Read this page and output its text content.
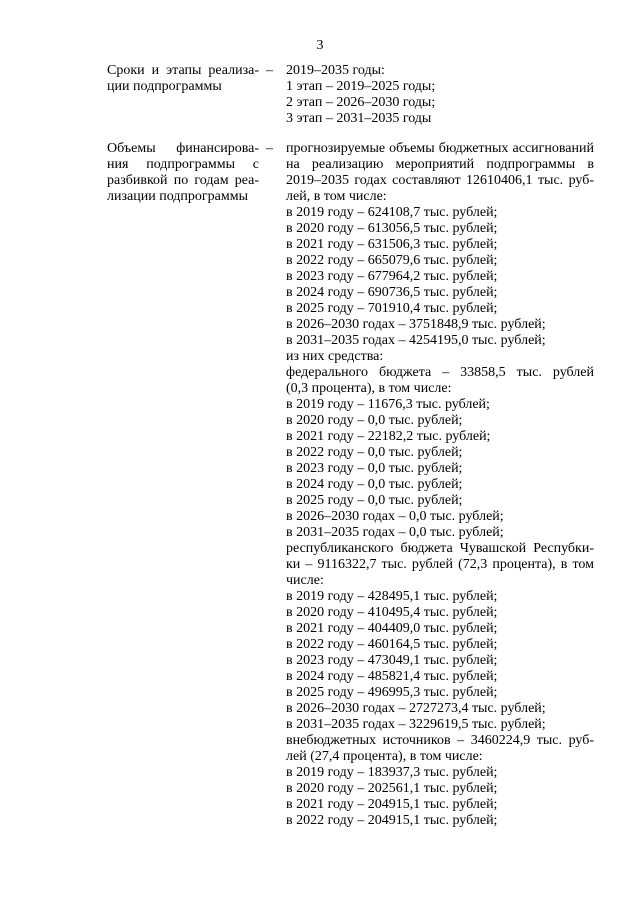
3
Сроки и этапы реализа-
ции подпрограммы
– 2019–2035 годы:
1 этап – 2019–2025 годы;
2 этап – 2026–2030 годы;
3 этап – 2031–2035 годы
Объемы финансирова-
ния подпрограммы с
разбивкой по годам реа-
лизации подпрограммы
– прогнозируемые объемы бюджетных ассигнований
на реализацию мероприятий подпрограммы в
2019–2035 годах составляют 12610406,1 тыс. руб-
лей, в том числе:
в 2019 году – 624108,7 тыс. рублей;
в 2020 году – 613056,5 тыс. рублей;
в 2021 году – 631506,3 тыс. рублей;
в 2022 году – 665079,6 тыс. рублей;
в 2023 году – 677964,2 тыс. рублей;
в 2024 году – 690736,5 тыс. рублей;
в 2025 году – 701910,4 тыс. рублей;
в 2026–2030 годах – 3751848,9 тыс. рублей;
в 2031–2035 годах – 4254195,0 тыс. рублей;
из них средства:
федерального бюджета – 33858,5 тыс. рублей
(0,3 процента), в том числе:
в 2019 году – 11676,3 тыс. рублей;
в 2020 году – 0,0 тыс. рублей;
в 2021 году – 22182,2 тыс. рублей;
в 2022 году – 0,0 тыс. рублей;
в 2023 году – 0,0 тыс. рублей;
в 2024 году – 0,0 тыс. рублей;
в 2025 году – 0,0 тыс. рублей;
в 2026–2030 годах – 0,0 тыс. рублей;
в 2031–2035 годах – 0,0 тыс. рублей;
республиканского бюджета Чувашской Респубки-
ки – 9116322,7 тыс. рублей (72,3 процента), в том
числе:
в 2019 году – 428495,1 тыс. рублей;
в 2020 году – 410495,4 тыс. рублей;
в 2021 году – 404409,0 тыс. рублей;
в 2022 году – 460164,5 тыс. рублей;
в 2023 году – 473049,1 тыс. рублей;
в 2024 году – 485821,4 тыс. рублей;
в 2025 году – 496995,3 тыс. рублей;
в 2026–2030 годах – 2727273,4 тыс. рублей;
в 2031–2035 годах – 3229619,5 тыс. рублей;
внебюджетных источников – 3460224,9 тыс. руб-
лей (27,4 процента), в том числе:
в 2019 году – 183937,3 тыс. рублей;
в 2020 году – 202561,1 тыс. рублей;
в 2021 году – 204915,1 тыс. рублей;
в 2022 году – 204915,1 тыс. рублей;
